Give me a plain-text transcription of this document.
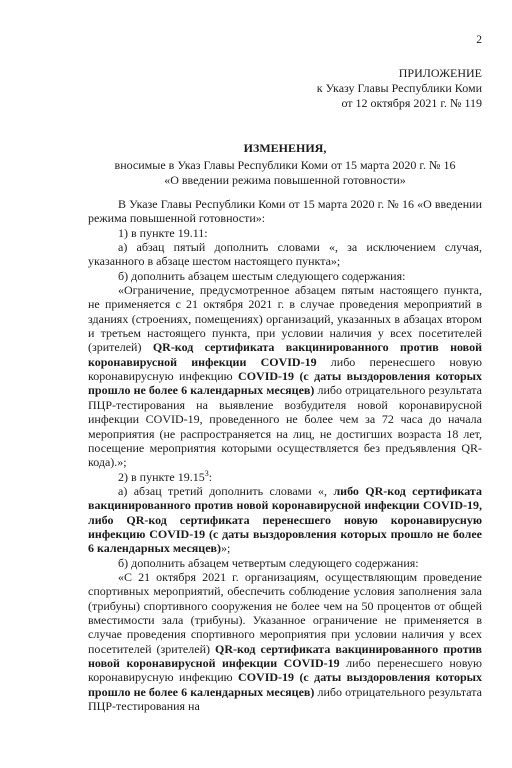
2
ПРИЛОЖЕНИЕ
к Указу Главы Республики Коми
от 12 октября 2021 г. № 119
ИЗМЕНЕНИЯ,
вносимые в Указ Главы Республики Коми от 15 марта 2020 г. № 16
«О введении режима повышенной готовности»

В Указе Главы Республики Коми от 15 марта 2020 г. № 16 «О введении режима повышенной готовности»:

1) в пункте 19.11:

а) абзац пятый дополнить словами «, за исключением случая, указанного в абзаце шестом настоящего пункта»;

б) дополнить абзацем шестым следующего содержания:

«Ограничение, предусмотренное абзацем пятым настоящего пункта, не применяется с 21 октября 2021 г. в случае проведения мероприятий в зданиях (строениях, помещениях) организаций, указанных в абзацах втором и третьем настоящего пункта, при условии наличия у всех посетителей (зрителей) QR-код сертификата вакцинированного против новой коронавирусной инфекции COVID-19 либо перенесшего новую коронавирусную инфекцию COVID-19 (с даты выздоровления которых прошло не более 6 календарных месяцев) либо отрицательного результата ПЦР-тестирования на выявление возбудителя новой коронавирусной инфекции COVID-19, проведенного не более чем за 72 часа до начала мероприятия (не распространяется на лиц, не достигших возраста 18 лет, посещение мероприятия которыми осуществляется без предъявления QR-кода).»;

2) в пункте 19.15$^3$:

а) абзац третий дополнить словами «, либо QR-код сертификата вакцинированного против новой коронавирусной инфекции COVID-19, либо QR-код сертификата перенесшего новую коронавирусную инфекцию COVID-19 (с даты выздоровления которых прошло не более 6 календарных месяцев)»;

б) дополнить абзацем четвертым следующего содержания:

«С 21 октября 2021 г. организациям, осуществляющим проведение спортивных мероприятий, обеспечить соблюдение условия заполнения зала (трибуны) спортивного сооружения не более чем на 50 процентов от общей вместимости зала (трибуны). Указанное ограничение не применяется в случае проведения спортивного мероприятия при условии наличия у всех посетителей (зрителей) QR-код сертификата вакцинированного против новой коронавирусной инфекции COVID-19 либо перенесшего новую коронавирусную инфекцию COVID-19 (с даты выздоровления которых прошло не более 6 календарных месяцев) либо отрицательного результата ПЦР-тестирования на
